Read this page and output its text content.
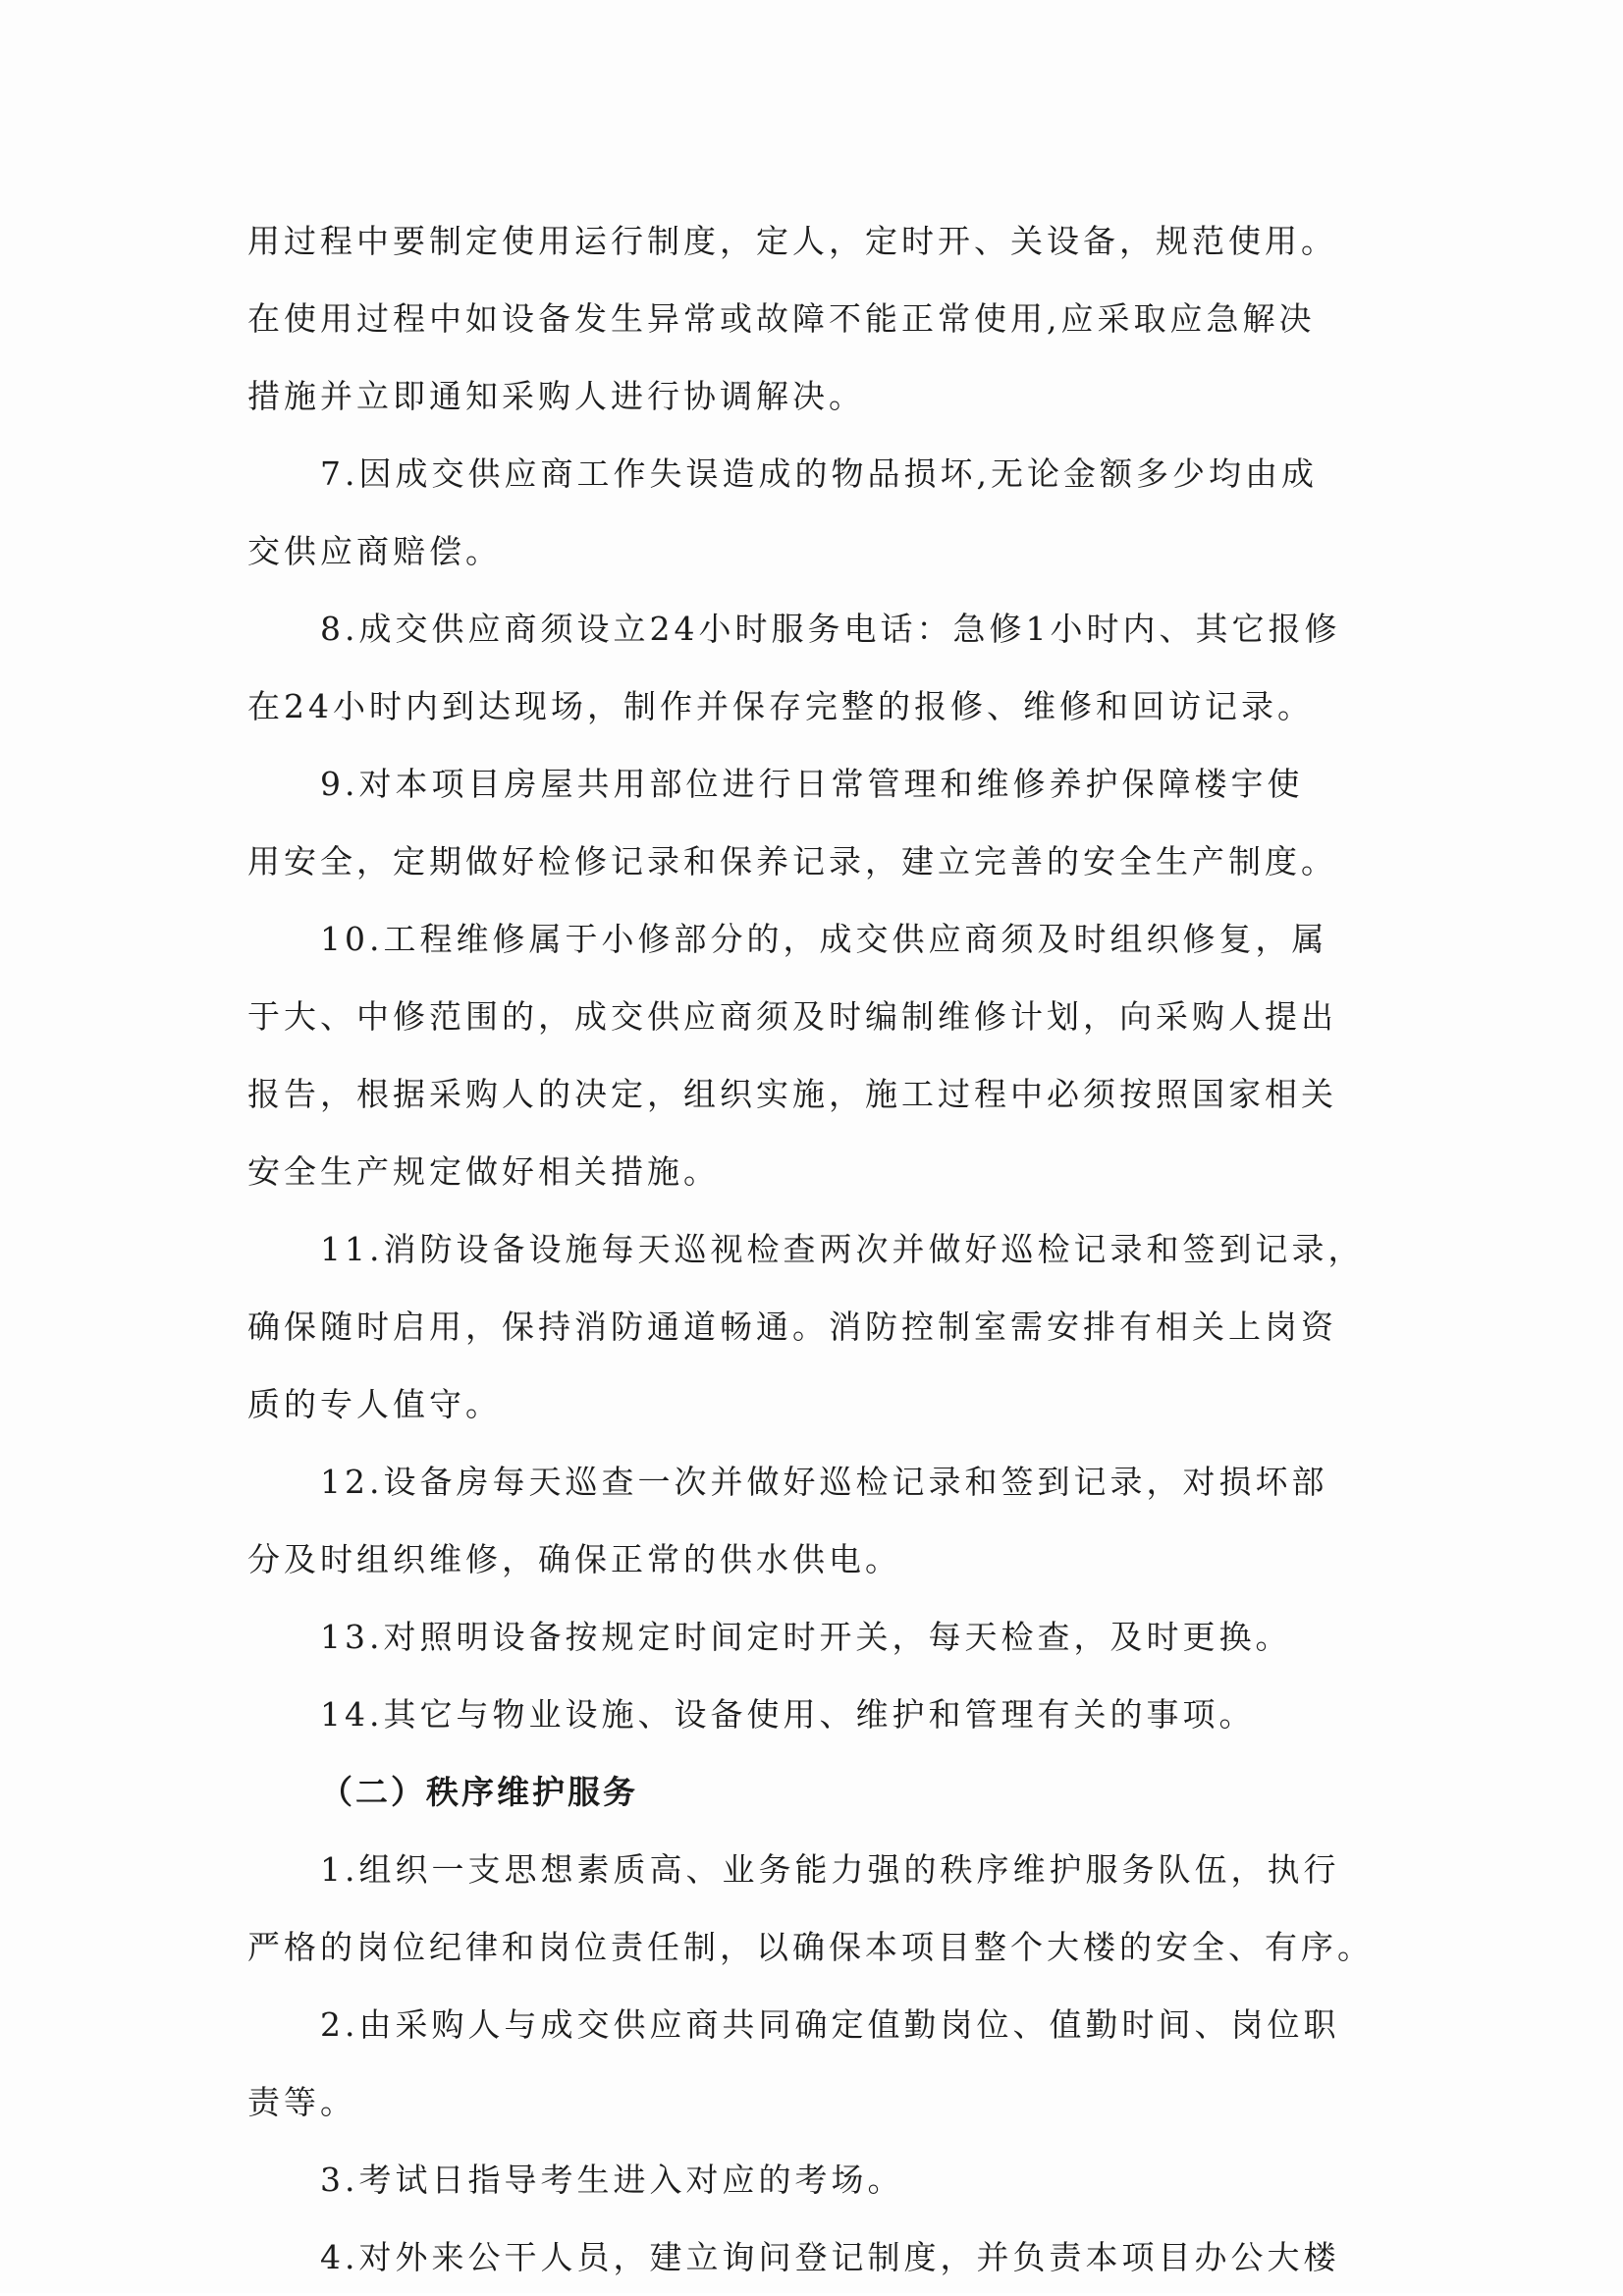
用过程中要制定使用运行制度，定人，定时开、关设备，规范使用。
在使用过程中如设备发生异常或故障不能正常使用,应采取应急解决
措施并立即通知采购人进行协调解决。
7.因成交供应商工作失误造成的物品损坏,无论金额多少均由成
交供应商赔偿。
8.成交供应商须设立24小时服务电话：急修1小时内、其它报修
在24小时内到达现场，制作并保存完整的报修、维修和回访记录。
9.对本项目房屋共用部位进行日常管理和维修养护保障楼宇使
用安全，定期做好检修记录和保养记录，建立完善的安全生产制度。
10.工程维修属于小修部分的，成交供应商须及时组织修复，属
于大、中修范围的，成交供应商须及时编制维修计划，向采购人提出
报告，根据采购人的决定，组织实施，施工过程中必须按照国家相关
安全生产规定做好相关措施。
11.消防设备设施每天巡视检查两次并做好巡检记录和签到记录，
确保随时启用，保持消防通道畅通。消防控制室需安排有相关上岗资
质的专人值守。
12.设备房每天巡查一次并做好巡检记录和签到记录，对损坏部
分及时组织维修，确保正常的供水供电。
13.对照明设备按规定时间定时开关，每天检查，及时更换。
14.其它与物业设施、设备使用、维护和管理有关的事项。
（二）秩序维护服务
1.组织一支思想素质高、业务能力强的秩序维护服务队伍，执行
严格的岗位纪律和岗位责任制，以确保本项目整个大楼的安全、有序。
2.由采购人与成交供应商共同确定值勤岗位、值勤时间、岗位职
责等。
3.考试日指导考生进入对应的考场。
4.对外来公干人员，建立询问登记制度，并负责本项目办公大楼
